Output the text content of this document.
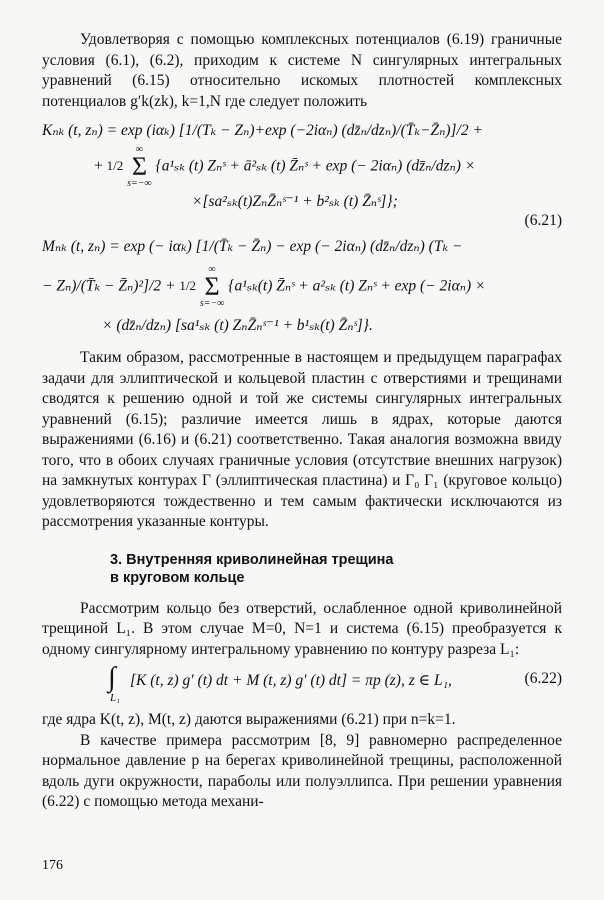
Удовлетворяя с помощью комплексных потенциалов (6.19) граничные условия (6.1), (6.2), приходим к системе N сингулярных интегральных уравнений (6.15) относительно искомых плотностей комплексных потенциалов g′k(zk), k=1,N где следует положить

Kₙₖ (t, zₙ) = exp (iαₖ) [1/(Tₖ − Zₙ)+exp (−2iαₙ) (dz̄ₙ/dzₙ)/(T̄ₖ−Z̄ₙ)]/2 +

+ 1/2 ∞
Σ
s=−∞ {a¹ₛₖ (t) Zₙˢ + ā²ₛₖ (t) Z̄ₙˢ + exp (− 2iαₙ) (dz̄ₙ/dzₙ) ×

×[sa²ₛₖ(t)ZₙZ̄ₙˢ⁻¹ + b²ₛₖ (t) Z̄ₙˢ]};

(6.21)

Mₙₖ (t, zₙ) = exp (− iαₖ) [1/(T̄ₖ − Z̄ₙ) − exp (− 2iαₙ) (dz̄ₙ/dzₙ) (Tₖ −

− Zₙ)/(T̄ₖ − Z̄ₙ)²]/2 + 1/2 ∞
Σ
s=−∞ {a¹ₛₖ(t) Z̄ₙˢ + a²ₛₖ (t) Zₙˢ + exp (− 2iαₙ) ×

× (dz̄ₙ/dzₙ) [sa¹ₛₖ (t) ZₙZ̄ₙˢ⁻¹ + b¹ₛₖ(t) Z̄ₙˢ]}.

Таким образом, рассмотренные в настоящем и предыдущем параграфах задачи для эллиптической и кольцевой пластин с отверстиями и трещинами сводятся к решению одной и той же системы сингулярных интегральных уравнений (6.15); различие имеется лишь в ядрах, которые даются выражениями (6.16) и (6.21) соответственно. Такая аналогия возможна ввиду того, что в обоих случаях граничные условия (отсутствие внешних нагрузок) на замкнутых контурах Γ (эллиптическая пластина) и Γ₀ Γ₁ (круговое кольцо) удовлетворяются тождественно и тем самым фактически исключаются из рассмотрения указанные контуры.

3. Внутренняя криволинейная трещина

в круговом кольце

Рассмотрим кольцо без отверстий, ослабленное одной криволинейной трещиной L₁. В этом случае M=0, N=1 и система (6.15) преобразуется к одному сингулярному интегральному уравнению по контуру разреза L₁:

∫
L₁
[K (t, z) g′ (t) dt + M (t, z) g′ (t) dt] = πp (z), z ∈ L₁,	(6.22)

где ядра K(t, z), M(t, z) даются выражениями (6.21) при n=k=1.

В качестве примера рассмотрим [8, 9] равномерно распределенное нормальное давление p на берегах криволинейной трещины, расположенной вдоль дуги окружности, параболы или полуэллипса. При решении уравнения (6.22) с помощью метода механи-

176
